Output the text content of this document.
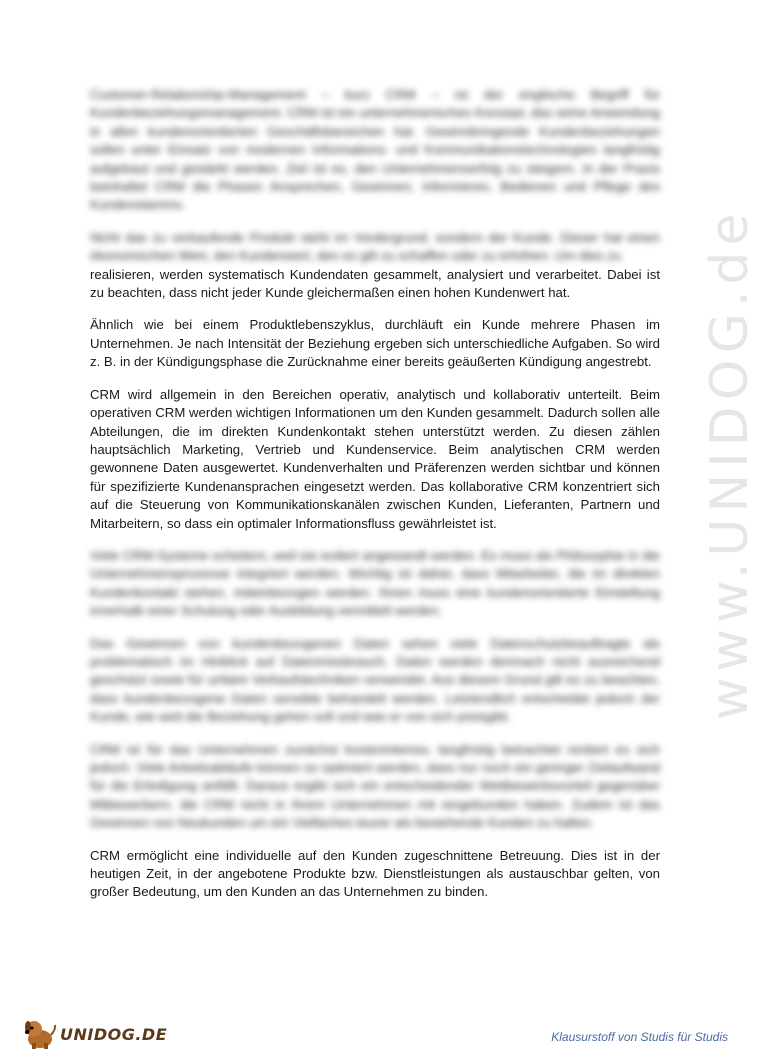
www.UNIDOG.de

Customer-Relationship-Management – kurz CRM – ist der englische Begriff für Kundenbeziehungsmanagement. CRM ist ein unternehmerisches Konzept, das seine Anwendung in allen kundenorientierten Geschäftsbereichen hat. Gewinnbringende Kundenbeziehungen sollen unter Einsatz von modernen Informations- und Kommunikationstechnologien langfristig aufgebaut und gestärkt werden. Ziel ist es, den Unternehmenserfolg zu steigern. In der Praxis beinhaltet CRM die Phasen Ansprechen, Gewinnen, Informieren, Bedienen und Pflege des Kundenstamms.

Nicht das zu verkaufende Produkt steht im Vordergrund, sondern der Kunde. Dieser hat einen ökonomischen Wert, den Kundenwert, den es gilt zu schaffen oder zu erhöhen. Um dies zu

realisieren, werden systematisch Kundendaten gesammelt, analysiert und verarbeitet. Dabei ist zu beachten, dass nicht jeder Kunde gleichermaßen einen hohen Kundenwert hat.

Ähnlich wie bei einem Produktlebenszyklus, durchläuft ein Kunde mehrere Phasen im Unternehmen. Je nach Intensität der Beziehung ergeben sich unterschiedliche Aufgaben. So wird z. B. in der Kündigungsphase die Zurücknahme einer bereits geäußerten Kündigung angestrebt.

CRM wird allgemein in den Bereichen operativ, analytisch und kollaborativ unterteilt. Beim operativen CRM werden wichtigen Informationen um den Kunden gesammelt. Dadurch sollen alle Abteilungen, die im direkten Kundenkontakt stehen unterstützt werden. Zu diesen zählen hauptsächlich Marketing, Vertrieb und Kundenservice. Beim analytischen CRM werden gewonnene Daten ausgewertet. Kundenverhalten und Präferenzen werden sichtbar und können für spezifizierte Kundenansprachen eingesetzt werden. Das kollaborative CRM konzentriert sich auf die Steuerung von Kommunikationskanälen zwischen Kunden, Lieferanten, Partnern und Mitarbeitern, so dass ein optimaler Informationsfluss gewährleistet ist.

Viele CRM-Systeme scheitern, weil sie isoliert angewandt werden. Es muss als Philosophie in die Unternehmensprozesse integriert werden. Wichtig ist daher, dass Mitarbeiter, die im direkten Kundenkontakt stehen, miteinbezogen werden. Ihnen muss eine kundenorientierte Einstellung innerhalb einer Schulung oder Ausbildung vermittelt werden.

Das Gewinnen von kundenbezogenen Daten sehen viele Datenschutzbeauftragte als problematisch im Hinblick auf Datenmissbrauch. Daten werden demnach nicht ausreichend geschützt sowie für unfaire Verkaufstechniken verwendet. Aus diesem Grund gilt es zu beachten, dass kundenbezogene Daten sensible behandelt werden. Letztendlich entscheidet jedoch der Kunde, wie weit die Beziehung gehen soll und was er von sich preisgibt.

CRM ist für das Unternehmen zunächst kostenintensiv, langfristig betrachtet rentiert es sich jedoch. Viele Arbeitsabläufe können so optimiert werden, dass nur noch ein geringer Zeitaufwand für die Erledigung anfällt. Daraus ergibt sich ein entscheidender Wettbewerbsvorteil gegenüber Mitbewerbern, die CRM nicht in ihrem Unternehmen mit eingebunden haben. Zudem ist das Gewinnen von Neukunden um ein Vielfaches teurer als bestehende Kunden zu halten.

CRM ermöglicht eine individuelle auf den Kunden zugeschnittene Betreuung. Dies ist in der heutigen Zeit, in der angebotene Produkte bzw. Dienstleistungen als austauschbar gelten, von großer Bedeutung, um den Kunden an das Unternehmen zu binden.

UNIDOG.DE	Klausurstoff von Studis für Studis
